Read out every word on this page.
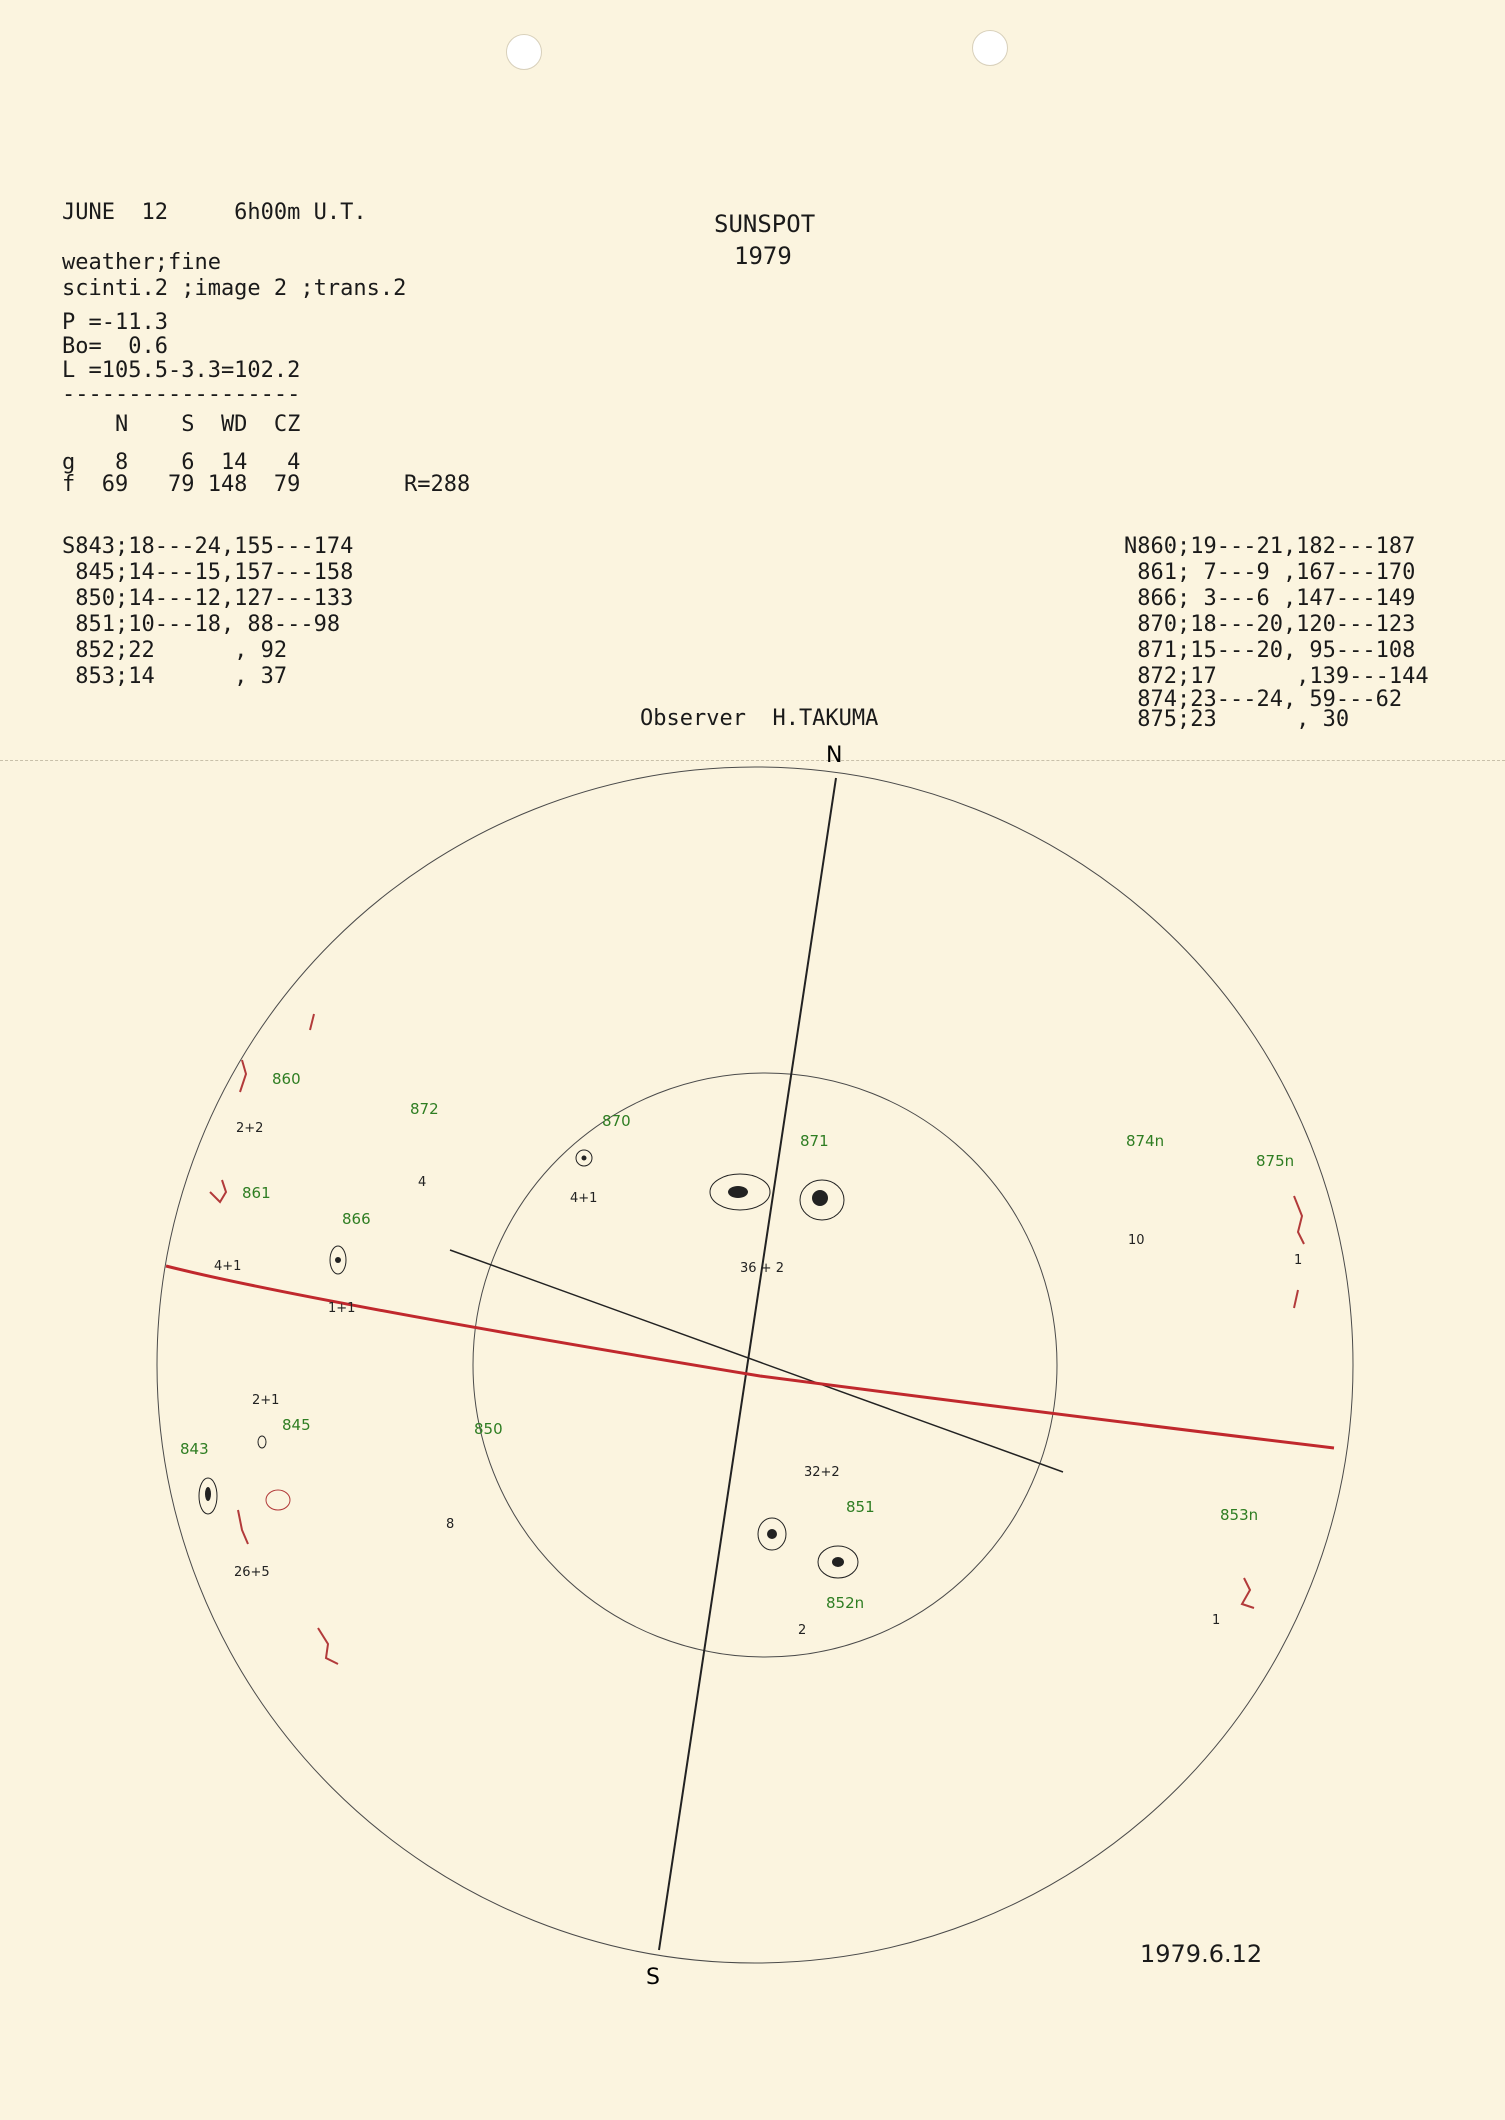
JUNE  12     6h00m U.T.
weather;fine
scinti.2 ;image 2 ;trans.2
P =-11.3
Bo=  0.6
L =105.5-3.3=102.2
------------------
SUNSPOT
1979
N    S  WD  CZ
g   8    6  14   4
f  69   79 148  79	R=288
S843;18---24,155---174
845;14---15,157---158
850;14---12,127---133
851;10---18, 88---98
852;22      , 92
853;14      , 37
N860;19---21,182---187
861; 7---9 ,167---170
866; 3---6 ,147---149
870;18---20,120---123
871;15---20, 95---108
872;17      ,139---144
874;23---24, 59---62
875;23      , 30
Observer  H.TAKUMA
N
S
860
872
870
871	874n
875n
861
866
843
845	850
851
852n
853n
2+2
4
4+1
36 + 2
10
1
4+1
1+1
2+1
26+5
8
32+2
2
1
1979.6.12
